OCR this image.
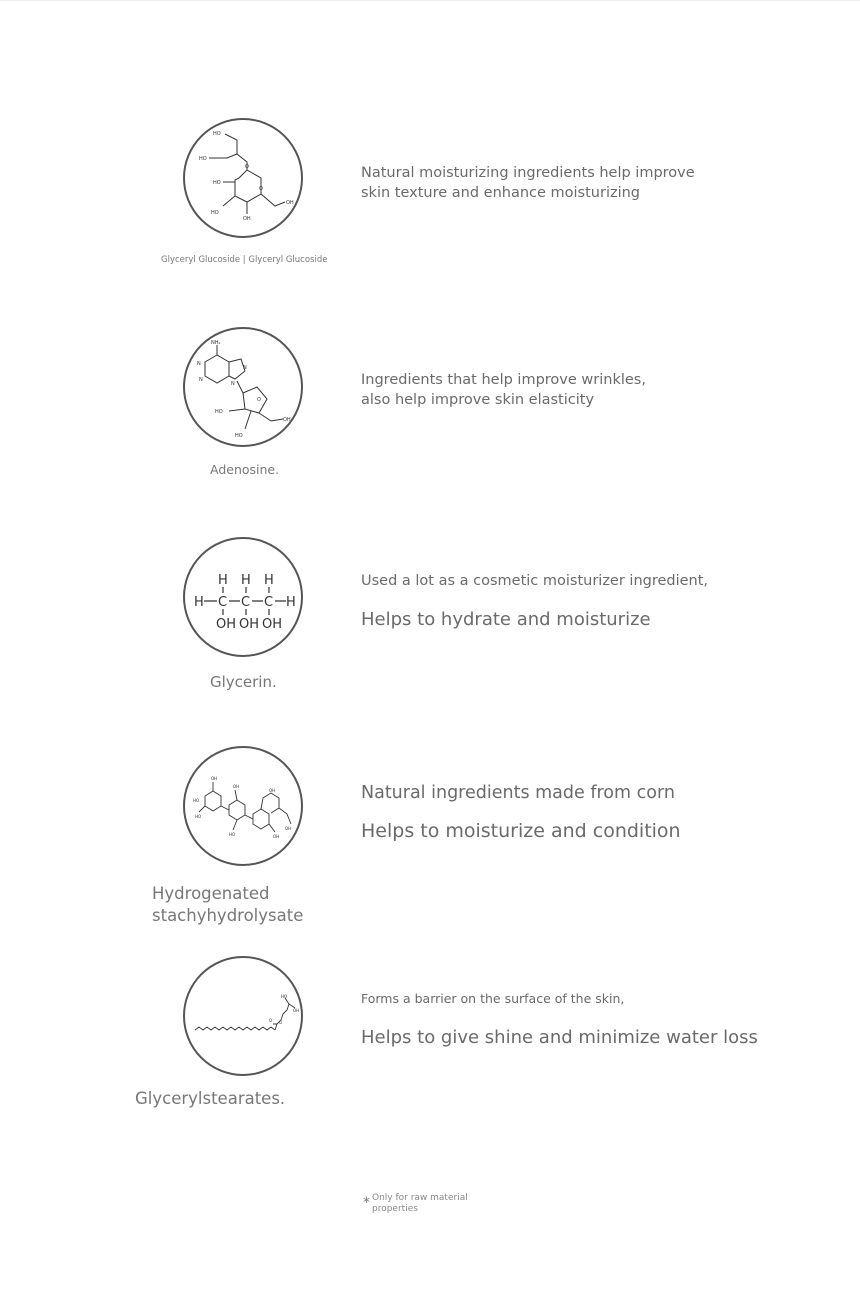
HO
HO
O
O
HO
HO
OH
OH
Glyceryl Glucoside | Glyceryl Glucoside
Natural moisturizing ingredients help improve
skin texture and enhance moisturizing
NH₂
N
N
N
N
O
HO
OH
HO
Adenosine.
Ingredients that help improve wrinkles,
also help improve skin elasticity
H H H
H C C C H
OH OH OH
Glycerin.
Used a lot as a cosmetic moisturizer ingredient,
Helps to hydrate and moisturize
OH
HO
HO
OH
HO
OH
OH
OH
Hydrogenated
stachyhydrolysate
Natural ingredients made from corn
Helps to moisturize and condition
O O
HO
OH
Glycerylstearates.
Forms a barrier on the surface of the skin,
Helps to give shine and minimize water loss
* Only for raw material
properties
